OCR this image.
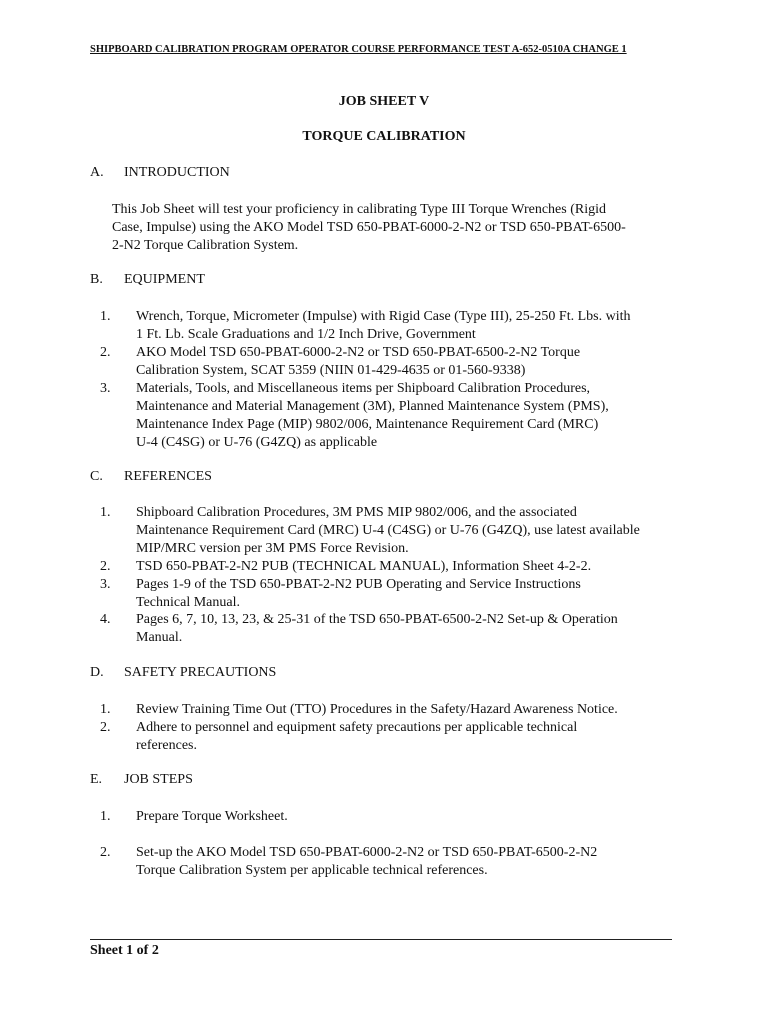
SHIPBOARD CALIBRATION PROGRAM OPERATOR COURSE PERFORMANCE TEST A-652-0510A CHANGE 1
JOB SHEET V
TORQUE CALIBRATION
A. INTRODUCTION
This Job Sheet will test your proficiency in calibrating Type III Torque Wrenches (Rigid
Case, Impulse) using the AKO Model TSD 650-PBAT-6000-2-N2 or TSD 650-PBAT-6500-
2-N2 Torque Calibration System.
B. EQUIPMENT
1.	Wrench, Torque, Micrometer (Impulse) with Rigid Case (Type III), 25-250 Ft. Lbs. with
1 Ft. Lb. Scale Graduations and 1/2 Inch Drive, Government
2.	AKO Model TSD 650-PBAT-6000-2-N2 or TSD 650-PBAT-6500-2-N2 Torque
Calibration System, SCAT 5359 (NIIN 01-429-4635 or 01-560-9338)
3.	Materials, Tools, and Miscellaneous items per Shipboard Calibration Procedures,
Maintenance and Material Management (3M), Planned Maintenance System (PMS),
Maintenance Index Page (MIP) 9802/006, Maintenance Requirement Card (MRC)
U-4 (C4SG) or U-76 (G4ZQ) as applicable
C. REFERENCES
1.	Shipboard Calibration Procedures, 3M PMS MIP 9802/006, and the associated
Maintenance Requirement Card (MRC) U-4 (C4SG) or U-76 (G4ZQ), use latest available
MIP/MRC version per 3M PMS Force Revision.
2.	TSD 650-PBAT-2-N2 PUB (TECHNICAL MANUAL), Information Sheet 4-2-2.
3.	Pages 1-9 of the TSD 650-PBAT-2-N2 PUB Operating and Service Instructions
Technical Manual.
4.	Pages 6, 7, 10, 13, 23, & 25-31 of the TSD 650-PBAT-6500-2-N2 Set-up & Operation
Manual.
D. SAFETY PRECAUTIONS
1.	Review Training Time Out (TTO) Procedures in the Safety/Hazard Awareness Notice.
2.	Adhere to personnel and equipment safety precautions per applicable technical
references.
E. JOB STEPS
1.	Prepare Torque Worksheet.
2.	Set-up the AKO Model TSD 650-PBAT-6000-2-N2 or TSD 650-PBAT-6500-2-N2
Torque Calibration System per applicable technical references.
Sheet 1 of 2
